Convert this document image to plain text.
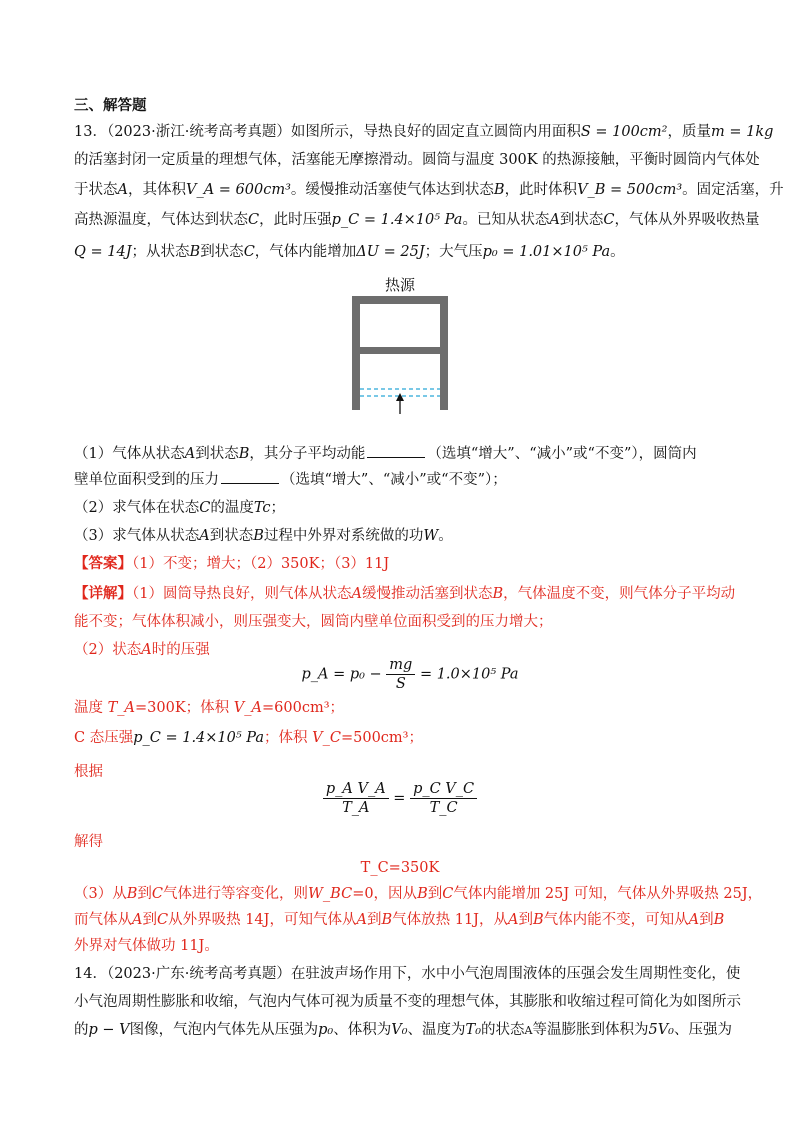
三、解答题
13．（2023·浙江·统考高考真题）如图所示，导热良好的固定直立圆筒内用面积S = 100cm²，质量m = 1kg
的活塞封闭一定质量的理想气体，活塞能无摩擦滑动。圆筒与温度 300K 的热源接触，平衡时圆筒内气体处
于状态A，其体积V_A = 600cm³。缓慢推动活塞使气体达到状态B，此时体积V_B = 500cm³。固定活塞，升
高热源温度，气体达到状态C，此时压强p_C = 1.4×10⁵ Pa。已知从状态A到状态C，气体从外界吸收热量
Q = 14J；从状态B到状态C，气体内能增加ΔU = 25J；大气压p₀ = 1.01×10⁵ Pa。
热源
（1）气体从状态A到状态B，其分子平均动能	（选填“增大”、“减小”或“不变”），圆筒内
壁单位面积受到的压力	（选填“增大”、“减小”或“不变”）；
（2）求气体在状态C的温度Tc；
（3）求气体从状态A到状态B过程中外界对系统做的功W。
【答案】（1）不变；增大；（2）350K；（3）11J
【详解】（1）圆筒导热良好，则气体从状态A缓慢推动活塞到状态B，气体温度不变，则气体分子平均动
能不变；气体体积减小，则压强变大，圆筒内壁单位面积受到的压力增大；
（2）状态A时的压强
p_A = $p_0 - \frac{mg}{S} = 1.0\times 10^5$ Pa
温度 T_A=300K；体积 V_A=600cm³；
C 态压强p_C = 1.4×10⁵ Pa；体积 V_C=500cm³；
根据
$\frac{\text{p\_A V\_A}}{T\_A} = \frac{\text{p\_C V\_C}}{T\_C}$
解得
T_C=350K
（3）从B到C气体进行等容变化，则W_BC=0，因从B到C气体内能增加 25J 可知，气体从外界吸热 25J，
而气体从A到C从外界吸热 14J，可知气体从A到B气体放热 11J，从A到B气体内能不变，可知从A到B
外界对气体做功 11J。
14．（2023·广东·统考高考真题）在驻波声场作用下，水中小气泡周围液体的压强会发生周期性变化，使
小气泡周期性膨胀和收缩，气泡内气体可视为质量不变的理想气体，其膨胀和收缩过程可简化为如图所示
的p − V图像，气泡内气体先从压强为p₀、体积为V₀、温度为T₀的状态A等温膨胀到体积为5V₀、压强为
